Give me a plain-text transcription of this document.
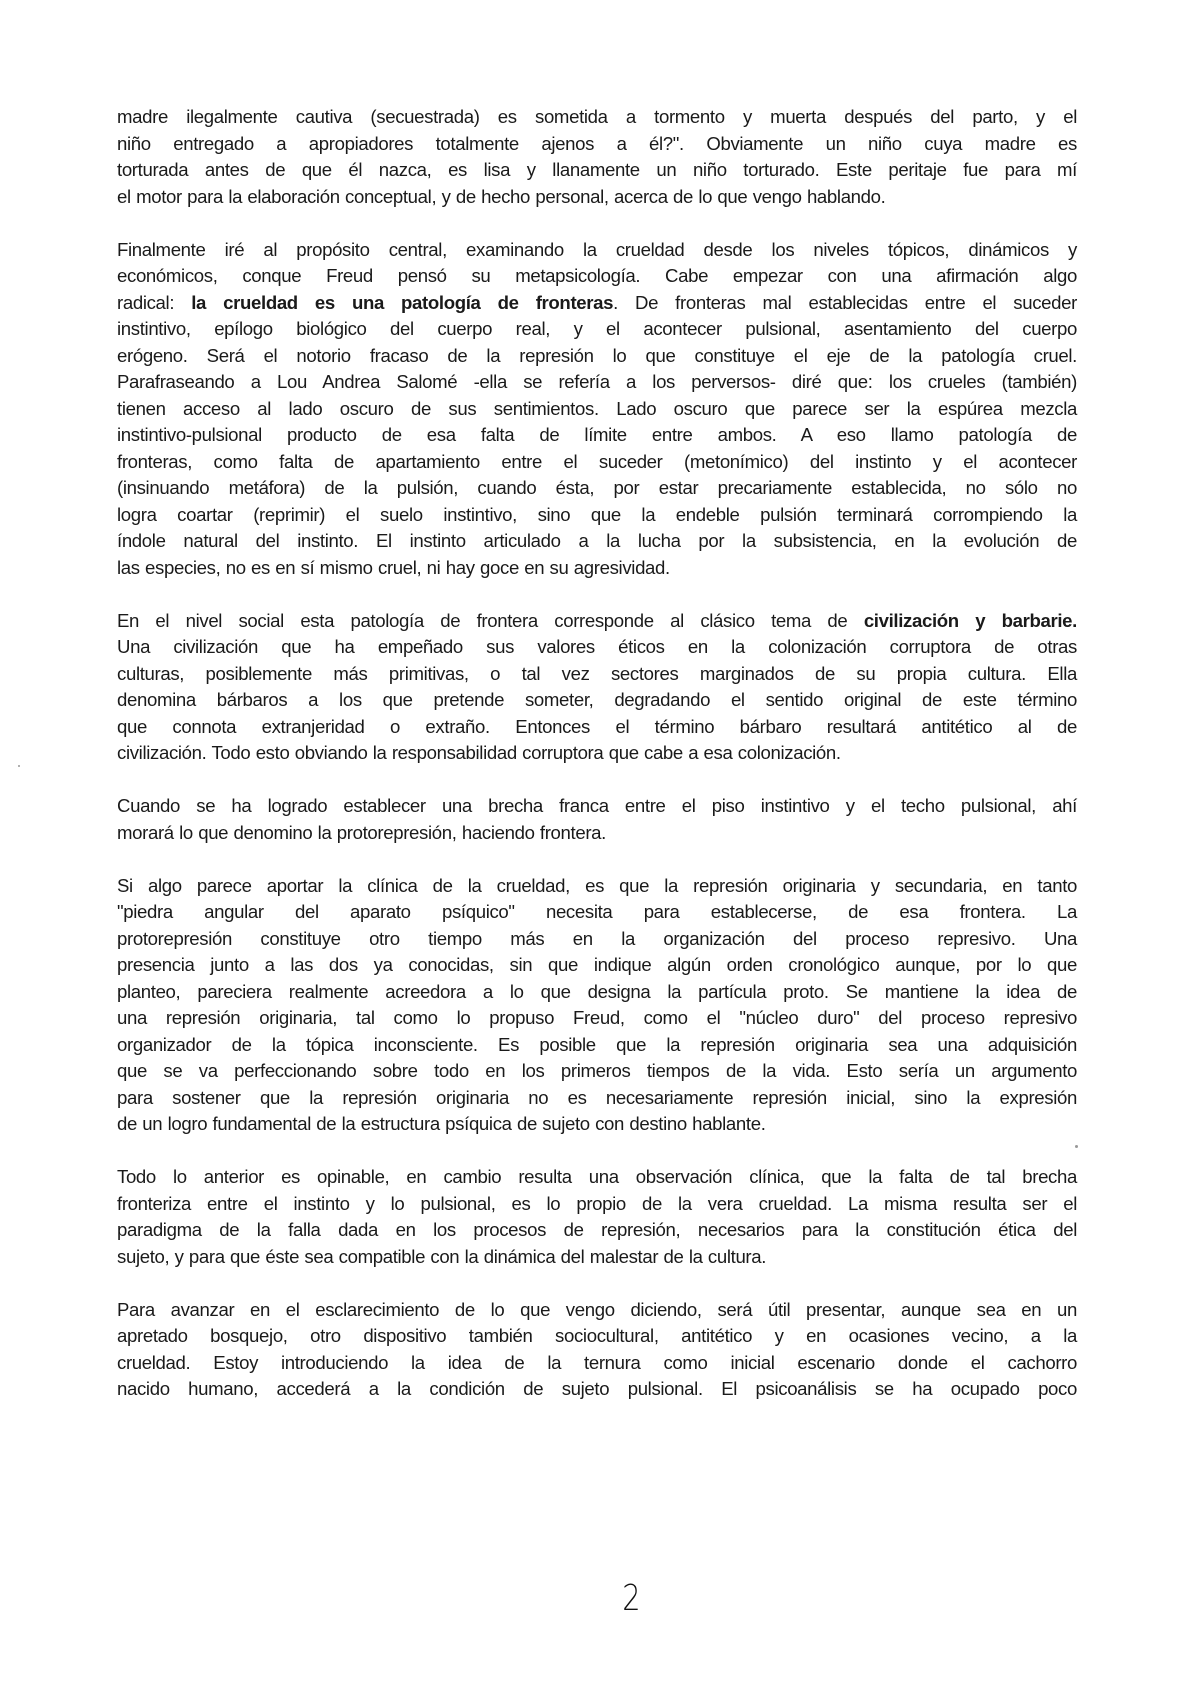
madre ilegalmente cautiva (secuestrada) es sometida a tormento y muerta después del parto, y el
niño entregado a apropiadores totalmente ajenos a él?". Obviamente un niño cuya madre es
torturada antes de que él nazca, es lisa y llanamente un niño torturado. Este peritaje fue para mí
el motor para la elaboración conceptual, y de hecho personal, acerca de lo que vengo hablando.
Finalmente iré al propósito central, examinando la crueldad desde los niveles tópicos, dinámicos y
económicos, conque Freud pensó su metapsicología. Cabe empezar con una afirmación algo
radical: la crueldad es una patología de fronteras. De fronteras mal establecidas entre el suceder
instintivo, epílogo biológico del cuerpo real, y el acontecer pulsional, asentamiento del cuerpo
erógeno. Será el notorio fracaso de la represión lo que constituye el eje de la patología cruel.
Parafraseando a Lou Andrea Salomé -ella se refería a los perversos- diré que: los crueles (también)
tienen acceso al lado oscuro de sus sentimientos. Lado oscuro que parece ser la espúrea mezcla
instintivo-pulsional producto de esa falta de límite entre ambos. A eso llamo patología de
fronteras, como falta de apartamiento entre el suceder (metonímico) del instinto y el acontecer
(insinuando metáfora) de la pulsión, cuando ésta, por estar precariamente establecida, no sólo no
logra coartar (reprimir) el suelo instintivo, sino que la endeble pulsión terminará corrompiendo la
índole natural del instinto. El instinto articulado a la lucha por la subsistencia, en la evolución de
las especies, no es en sí mismo cruel, ni hay goce en su agresividad.
En el nivel social esta patología de frontera corresponde al clásico tema de civilización y barbarie.
Una civilización que ha empeñado sus valores éticos en la colonización corruptora de otras
culturas, posiblemente más primitivas, o tal vez sectores marginados de su propia cultura. Ella
denomina bárbaros a los que pretende someter, degradando el sentido original de este término
que connota extranjeridad o extraño. Entonces el término bárbaro resultará antitético al de
civilización. Todo esto obviando la responsabilidad corruptora que cabe a esa colonización.
Cuando se ha logrado establecer una brecha franca entre el piso instintivo y el techo pulsional, ahí
morará lo que denomino la protorepresión, haciendo frontera.
Si algo parece aportar la clínica de la crueldad, es que la represión originaria y secundaria, en tanto
"piedra angular del aparato psíquico" necesita para establecerse, de esa frontera. La
protorepresión constituye otro tiempo más en la organización del proceso represivo. Una
presencia junto a las dos ya conocidas, sin que indique algún orden cronológico aunque, por lo que
planteo, pareciera realmente acreedora a lo que designa la partícula proto. Se mantiene la idea de
una represión originaria, tal como lo propuso Freud, como el "núcleo duro" del proceso represivo
organizador de la tópica inconsciente. Es posible que la represión originaria sea una adquisición
que se va perfeccionando sobre todo en los primeros tiempos de la vida. Esto sería un argumento
para sostener que la represión originaria no es necesariamente represión inicial, sino la expresión
de un logro fundamental de la estructura psíquica de sujeto con destino hablante.
Todo lo anterior es opinable, en cambio resulta una observación clínica, que la falta de tal brecha
fronteriza entre el instinto y lo pulsional, es lo propio de la vera crueldad. La misma resulta ser el
paradigma de la falla dada en los procesos de represión, necesarios para la constitución ética del
sujeto, y para que éste sea compatible con la dinámica del malestar de la cultura.
Para avanzar en el esclarecimiento de lo que vengo diciendo, será útil presentar, aunque sea en un
apretado bosquejo, otro dispositivo también sociocultural, antitético y en ocasiones vecino, a la
crueldad. Estoy introduciendo la idea de la ternura como inicial escenario donde el cachorro
nacido humano, accederá a la condición de sujeto pulsional. El psicoanálisis se ha ocupado poco
2
